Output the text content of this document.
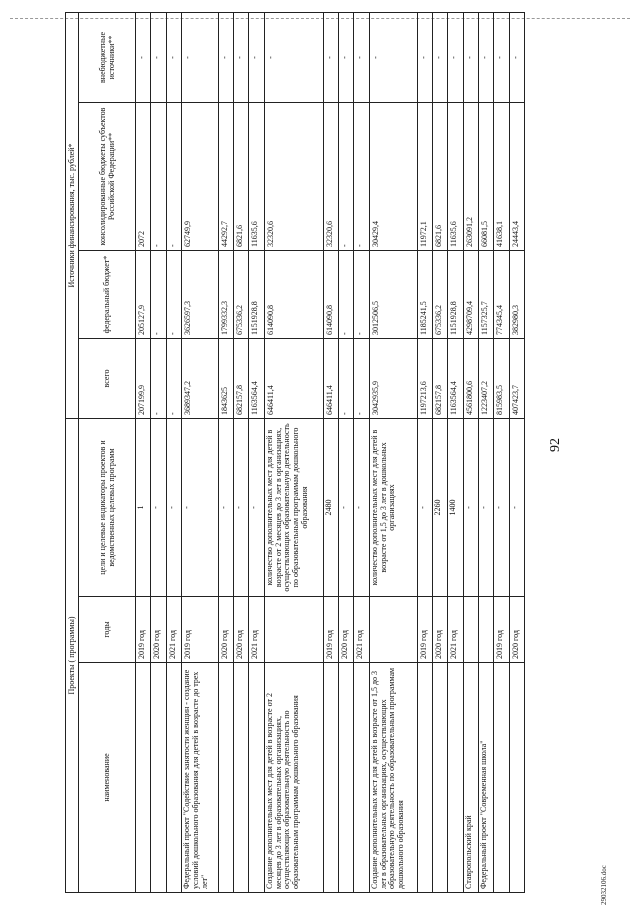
Проекты ( программы)			Источники финансирования, тыс. рублей*			
наименование	годы	цели и целевые индикаторы проектов и ведомственных целевых программ	всего	федеральный бюджет*	консолидированные бюджеты субъектов Российской Федерации**	внебюджетные источники**
	2019 год	1	207199,9	205127,9	2072	-
	2020 год	-	-	-	-	-
	2021 год	-	-	-	-	-
Федеральный проект "Содействие занятости женщин - создание условий дошкольного образования для детей в возрасте до трех лет"	2019 год	-	3689347,2	3626597,3	62749,9	-
	2020 год	-	1843625	1799332,3	44292,7	-
	2020 год	-	682157,8	675336,2	6821,6	-
	2021 год	-	1163564,4	1151928,8	11635,6	-
Создание дополнительных мест для детей в возрасте от 2 месяцев до 3 лет в образовательных организациях, осуществляющих образовательную деятельность по образовательным программам дошкольного образования		количество дополнительных мест для детей в возрасте от 2 месяцев до 3 лет в организациях, осуществляющих образовательную деятельность по образовательным программам дошкольного образования	646411,4	614090,8	32320,6	-
	2019 год	2480	646411,4	614090,8	32320,6	-
	2020 год	-	-	-	-	-
	2021 год	-	-	-	-	-
Создание дополнительных мест для детей в возрасте от 1,5 до 3 лет в образовательных организациях, осуществляющих образовательную деятельность по образовательным программам дошкольного образования		количество дополнительных мест для детей в возрасте от 1,5 до 3 лет в дошкольных организациях	3042935,9	3012506,5	30429,4	-
	2019 год	-	1197213,6	1185241,5	11972,1	-
	2020 год	2260	682157,8	675336,2	6821,6	-
	2021 год	1400	1163564,4	1151928,8	11635,6	-
Ставропольский край		-	4561800,6	4298709,4	263091,2	-
Федеральный проект "Современная школа"		-	1223407,2	1157325,7	66081,5	-
	2019 год	-	815983,5	774345,4	41638,1	-
	2020 год	-	407423,7	382980,3	24443,4	-
92
29032106.doc
